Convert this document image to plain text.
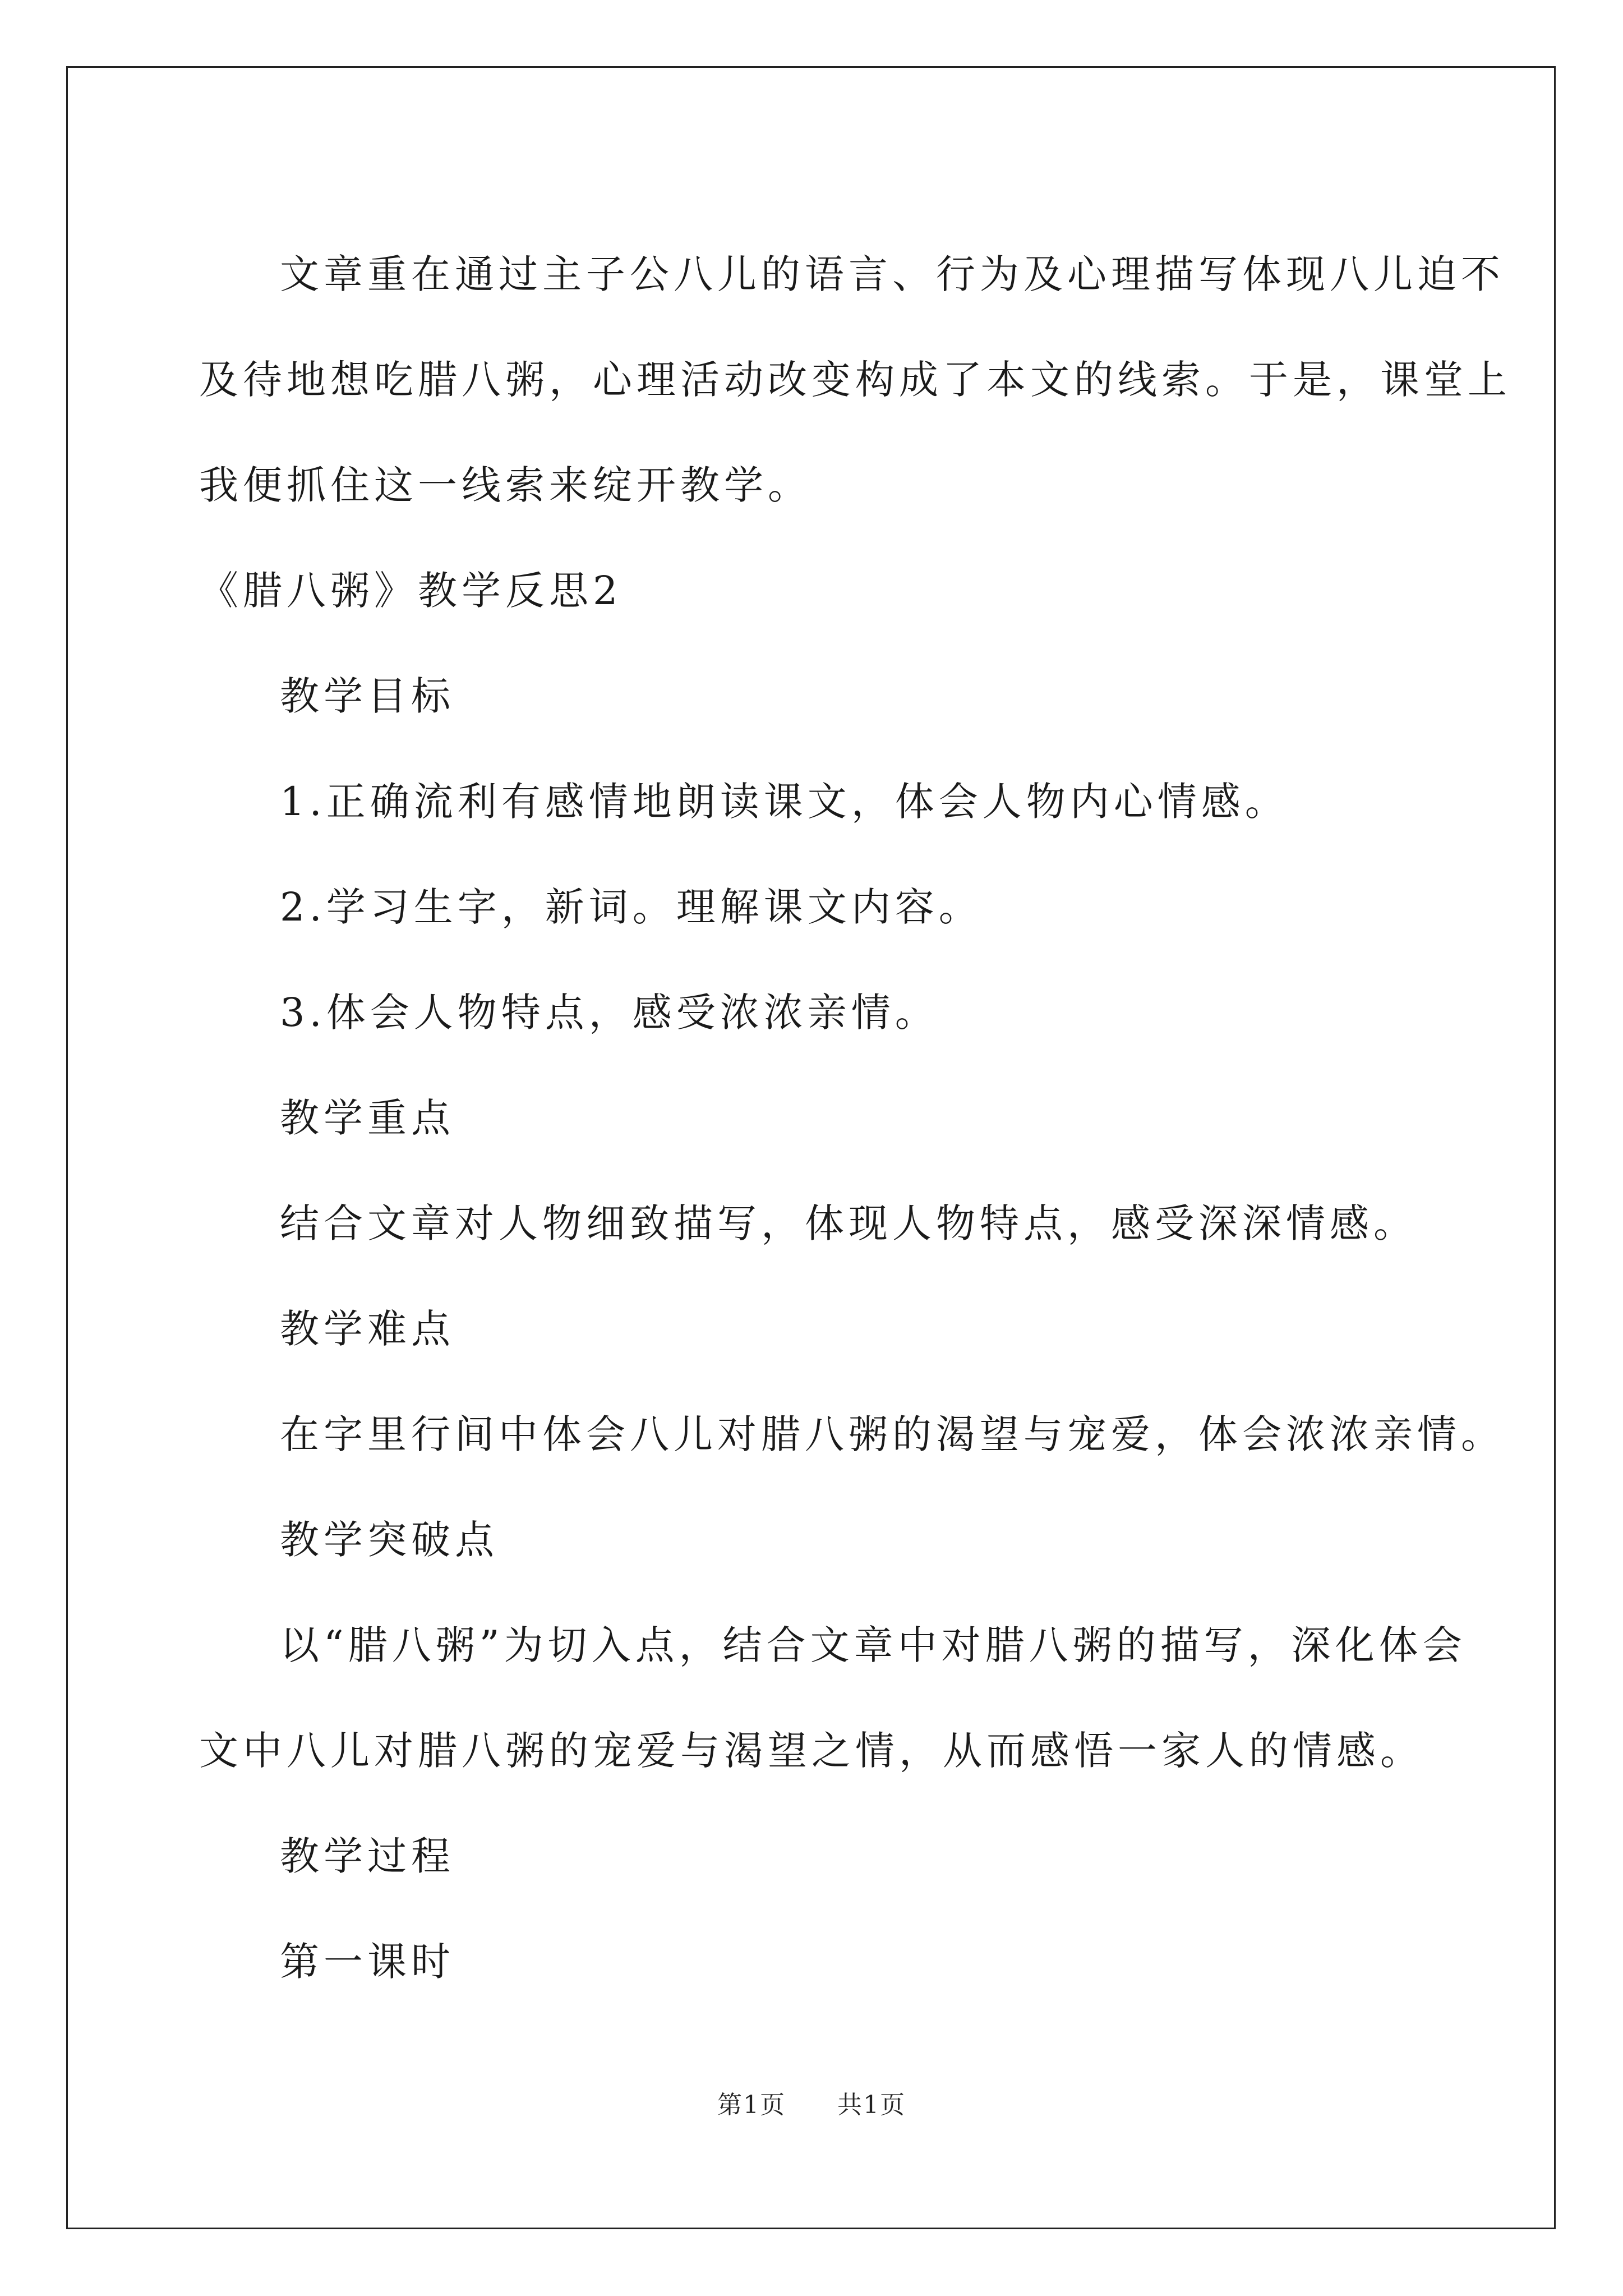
文章重在通过主子公八儿的语言、行为及心理描写体现八儿迫不

及待地想吃腊八粥，心理活动改变构成了本文的线索。于是，课堂上

我便抓住这一线索来绽开教学。

《腊八粥》教学反思2

教学目标

1.正确流利有感情地朗读课文，体会人物内心情感。

2.学习生字，新词。理解课文内容。

3.体会人物特点，感受浓浓亲情。

教学重点

结合文章对人物细致描写，体现人物特点，感受深深情感。

教学难点

在字里行间中体会八儿对腊八粥的渴望与宠爱，体会浓浓亲情。

教学突破点

以“腊八粥”为切入点，结合文章中对腊八粥的描写，深化体会

文中八儿对腊八粥的宠爱与渴望之情，从而感悟一家人的情感。

教学过程

第一课时

第1页 共1页
